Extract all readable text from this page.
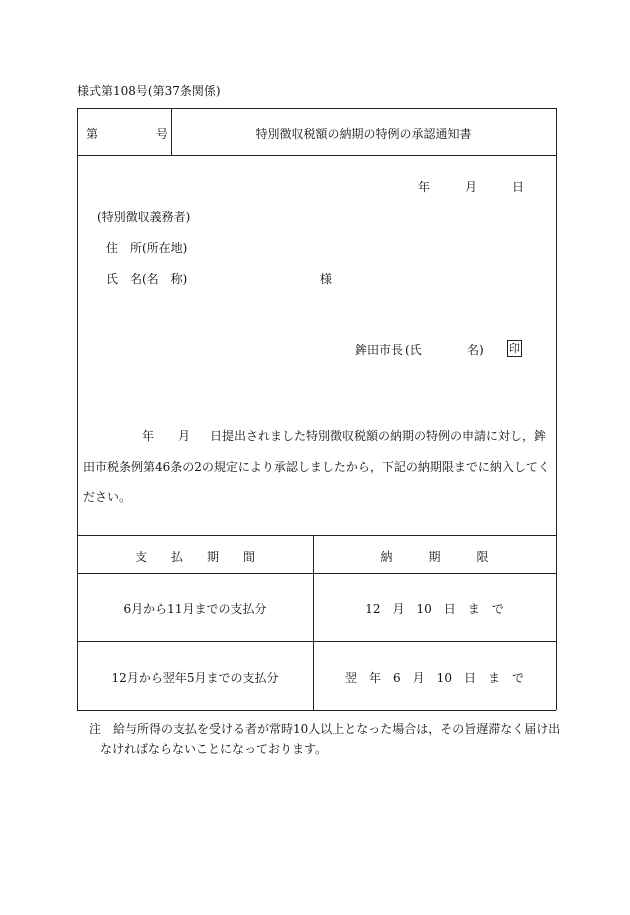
様式第108号(第37条関係)
第	号	特別徴収税額の納期の特例の承認通知書
年	月	日
(特別徴収義務者)
住　所(所在地)
氏　名(名　称)	様
鉾田市長 (氏	名) 印
年 月 日提出されました特別徴収税額の納期の特例の申請に対し，鉾
田市税条例第46条の2の規定により承認しましたから，下記の納期限までに納入してく
ださい。
支　　払　　期　　間	納　　　期　　　限
6月から11月までの支払分	12　月　10　日　ま　で
12月から翌年5月までの支払分	翌　年　6　月　10　日　ま　で
注　給与所得の支払を受ける者が常時10人以上となった場合は，その旨遅滞なく届け出
なければならないことになっております。
